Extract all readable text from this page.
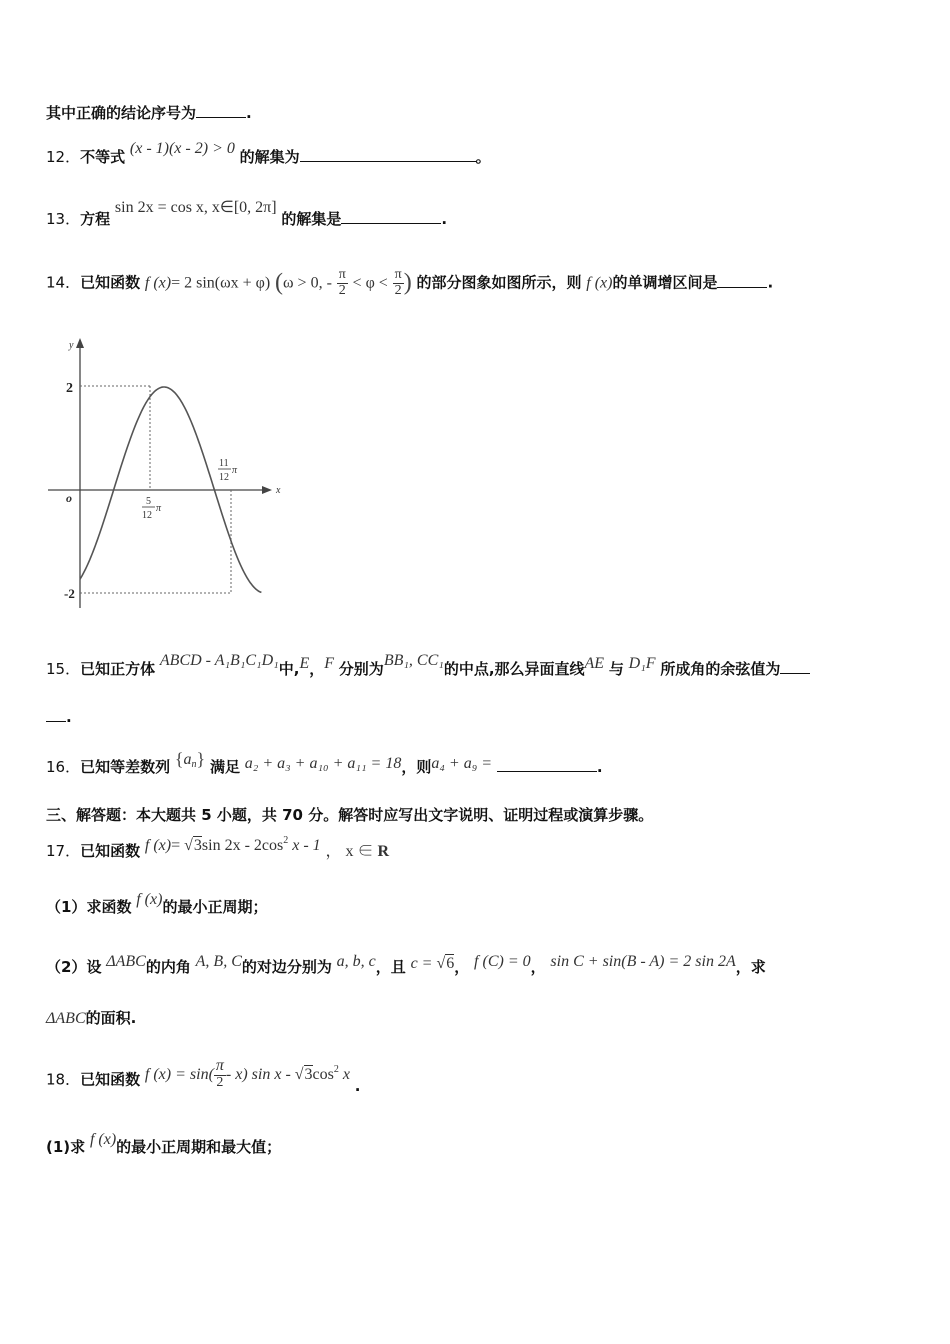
其中正确的结论序号为	.
12．不等式 (x - 1)(x - 2) > 0 的解集为	。
13．方程 sin 2x = cos x, x∈[0, 2π] 的解集是	.
14．已知函数 f (x)= 2 sin(ωx + φ) (ω > 0, - $\frac{\pi}{2} < \varphi < \frac{\pi}{2}$ ) 的部分图象如图所示，则 f (x)的单调增区间是	.
y
x
o
2
-2
5
12
π
11
12
π
15．已知正方体 ABCD - A₁B₁C₁D₁中,E，F 分别为BB₁, CC₁的中点,那么异面直线AE 与 D₁F 所成角的余弦值为
.
16．已知等差数列 $\{a_n\}$ 满足 a₂ + a₃ + a₁₀ + a₁₁ = 18，则a₄ + a₉ =	.
三、解答题：本大题共 5 小题，共 70 分。解答时应写出文字说明、证明过程或演算步骤。
17．已知函数 f (x)= √3sin $2x - 2\cos^2$ x - 1 ， x ∈ R
（1）求函数 f (x)的最小正周期；
（2）设 ΔABC的内角 A, B, C的对边分别为 a, b, c，且 c = √6， f (C) = 0， sin C + sin(B - A) = 2 sin 2A，求
ΔABC的面积.
18．已知函数 f $(x) = \sin( \frac{\pi}{2} - x)$ sin x - $√3\cos^2$ x .
(1)求 f (x)的最小正周期和最大值；
